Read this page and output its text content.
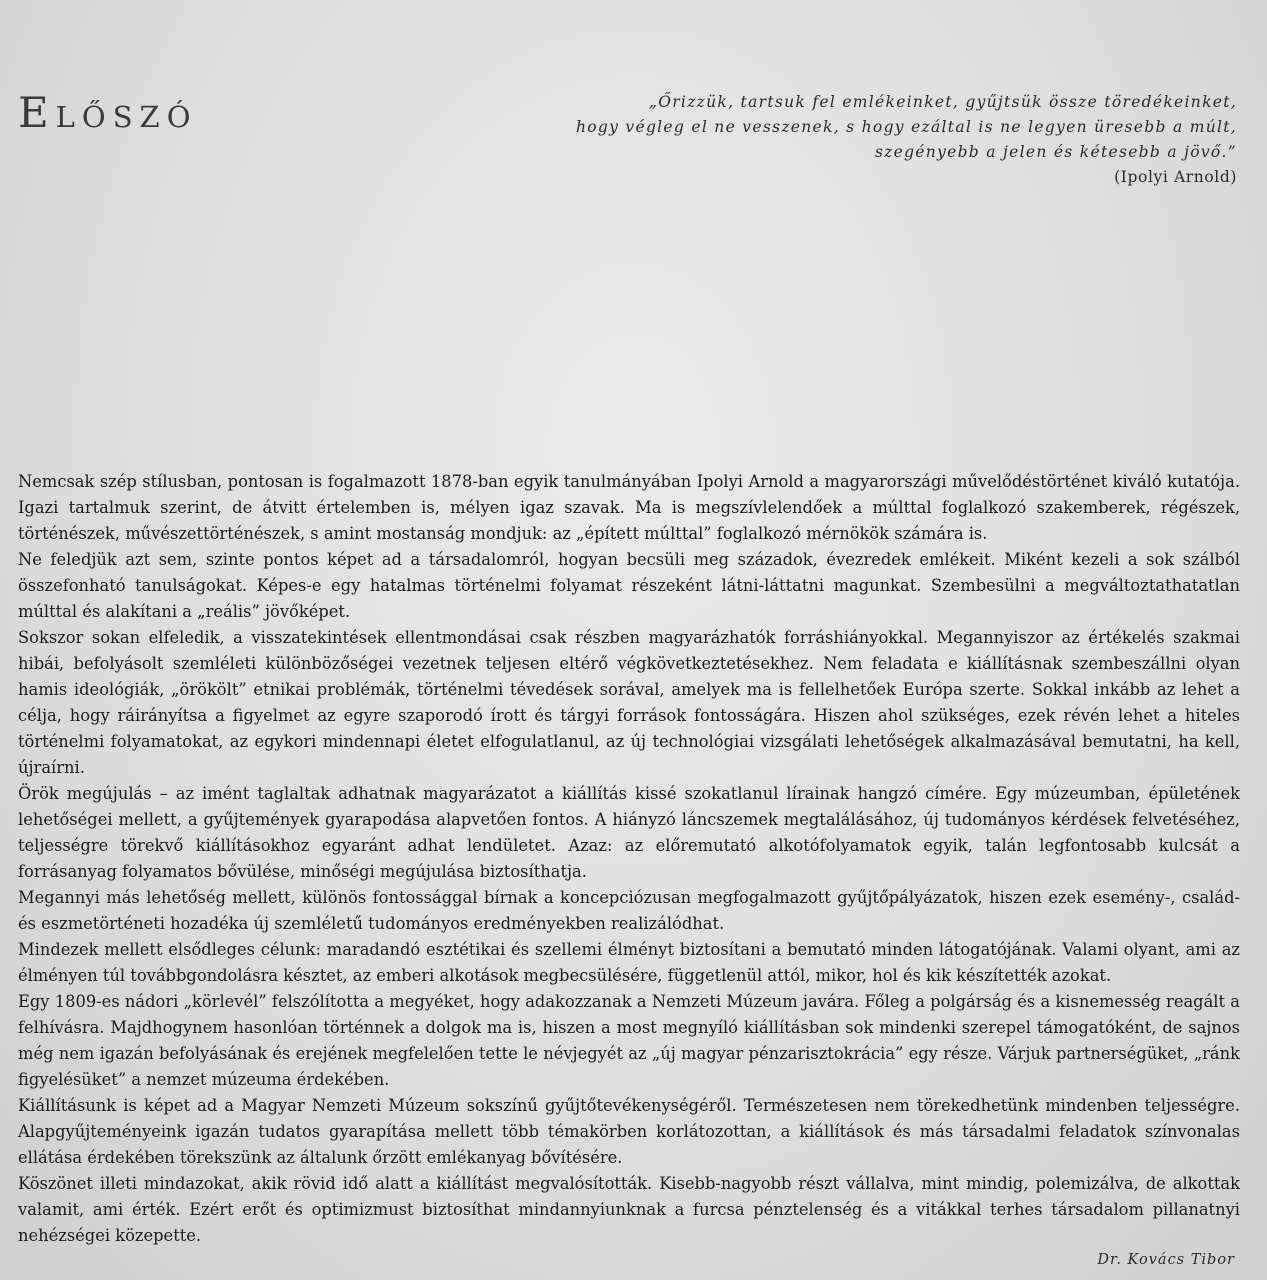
Előszó	„Őrizzük, tartsuk fel emlékeinket, gyűjtsük össze töredékeinket,

hogy végleg el ne vesszenek, s hogy ezáltal is ne legyen üresebb a múlt,

szegényebb a jelen és kétesebb a jövő.”

(Ipolyi Arnold)

Nemcsak szép stílusban, pontosan is fogalmazott 1878-ban egyik tanulmányában Ipolyi Arnold a magyarországi művelődéstörténet kiváló kutatója. Igazi tartalmuk szerint, de átvitt értelemben is, mélyen igaz szavak. Ma is megszívlelendőek a múlttal foglalkozó szakemberek, régészek, történészek, művészettörténészek, s amint mostanság mondjuk: az „épített múlttal” foglalkozó mérnökök számára is.

Ne feledjük azt sem, szinte pontos képet ad a társadalomról, hogyan becsüli meg századok, évezredek emlékeit. Miként kezeli a sok szálból összefonható tanulságokat. Képes-e egy hatalmas történelmi folyamat részeként látni-láttatni magunkat. Szembesülni a megváltoztathatatlan múlttal és alakítani a „reális” jövőképet.

Sokszor sokan elfeledik, a visszatekintések ellentmondásai csak részben magyarázhatók forráshiányokkal. Megannyiszor az értékelés szakmai hibái, befolyásolt szemléleti különbözőségei vezetnek teljesen eltérő végkövetkeztetésekhez. Nem feladata e kiállításnak szembeszállni olyan hamis ideológiák, „örökölt” etnikai problémák, történelmi tévedések sorával, amelyek ma is fellelhetőek Európa szerte. Sokkal inkább az lehet a célja, hogy ráirányítsa a figyelmet az egyre szaporodó írott és tárgyi források fontosságára. Hiszen ahol szükséges, ezek révén lehet a hiteles történelmi folyamatokat, az egykori mindennapi életet elfogulatlanul, az új technológiai vizsgálati lehetőségek alkalmazásával bemutatni, ha kell, újraírni.

Örök megújulás – az imént taglaltak adhatnak magyarázatot a kiállítás kissé szokatlanul lírainak hangzó címére. Egy múzeumban, épületének lehetőségei mellett, a gyűjtemények gyarapodása alapvetően fontos. A hiányzó láncszemek megtalálásához, új tudományos kérdések felvetéséhez, teljességre törekvő kiállításokhoz egyaránt adhat lendületet. Azaz: az előremutató alkotófolyamatok egyik, talán legfontosabb kulcsát a forrásanyag folyamatos bővülése, minőségi megújulása biztosíthatja.

Megannyi más lehetőség mellett, különös fontossággal bírnak a koncepciózusan megfogalmazott gyűjtőpályázatok, hiszen ezek esemény-, család- és eszmetörténeti hozadéka új szemléletű tudományos eredményekben realizálódhat.

Mindezek mellett elsődleges célunk: maradandó esztétikai és szellemi élményt biztosítani a bemutató minden látogatójának. Valami olyant, ami az élményen túl továbbgondolásra késztet, az emberi alkotások megbecsülésére, függetlenül attól, mikor, hol és kik készítették azokat.

Egy 1809-es nádori „körlevél” felszólította a megyéket, hogy adakozzanak a Nemzeti Múzeum javára. Főleg a polgárság és a kisnemesség reagált a felhívásra. Majdhogynem hasonlóan történnek a dolgok ma is, hiszen a most megnyíló kiállításban sok mindenki szerepel támogatóként, de sajnos még nem igazán befolyásának és erejének megfelelően tette le névjegyét az „új magyar pénzarisztokrácia” egy része. Várjuk partnerségüket, „ránk figyelésüket” a nemzet múzeuma érdekében.

Kiállításunk is képet ad a Magyar Nemzeti Múzeum sokszínű gyűjtőtevékenységéről. Természetesen nem törekedhetünk mindenben teljességre. Alapgyűjteményeink igazán tudatos gyarapítása mellett több témakörben korlátozottan, a kiállítások és más társadalmi feladatok színvonalas ellátása érdekében törekszünk az általunk őrzött emlékanyag bővítésére.

Köszönet illeti mindazokat, akik rövid idő alatt a kiállítást megvalósították. Kisebb-nagyobb részt vállalva, mint mindig, polemizálva, de alkottak valamit, ami érték. Ezért erőt és optimizmust biztosíthat mindannyiunknak a furcsa pénztelenség és a vitákkal terhes társadalom pillanatnyi nehézségei közepette.

Dr. Kovács Tibor
